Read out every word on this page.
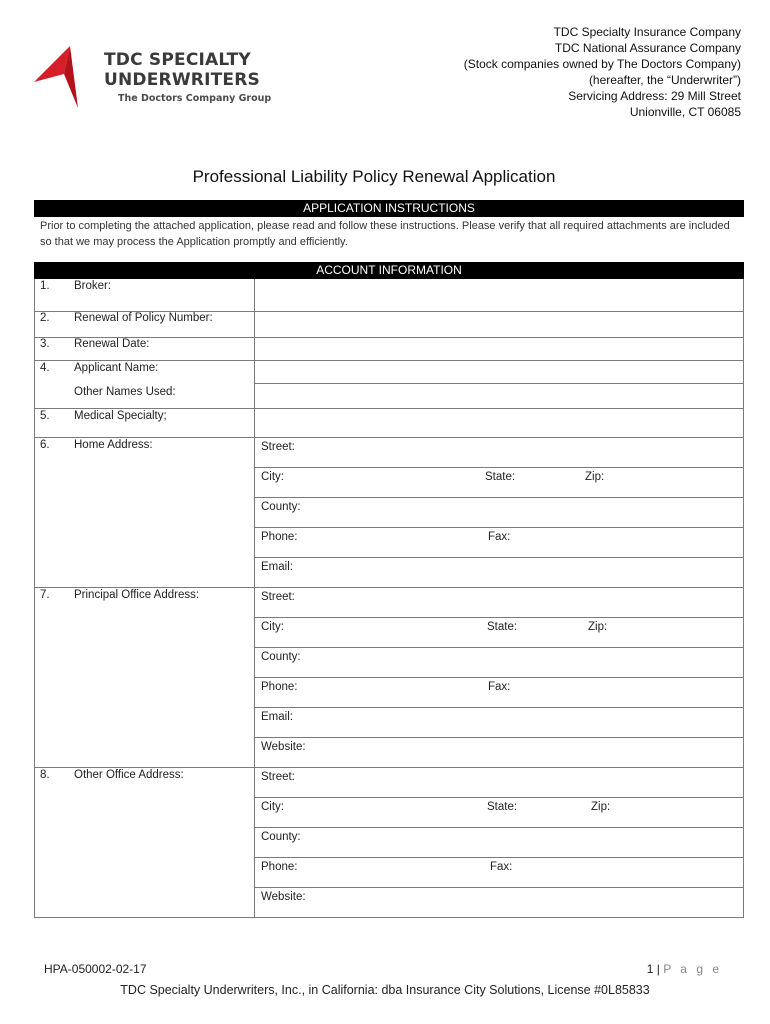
TDC SPECIALTY
UNDERWRITERS
The Doctors Company Group
TDC Specialty Insurance Company
TDC National Assurance Company
(Stock companies owned by The Doctors Company)
(hereafter, the “Underwriter”)
Servicing Address: 29 Mill Street
Unionville, CT 06085
Professional Liability Policy Renewal Application
APPLICATION INSTRUCTIONS
Prior to completing the attached application, please read and follow these instructions. Please verify that all required attachments are included so that we may process the Application promptly and efficiently.
ACCOUNT INFORMATION
1. Broker:
2. Renewal of Policy Number:
3. Renewal Date:
4. Applicant Name:
Other Names Used:
5. Medical Specialty;
6. Home Address:	Street:
City:	State:	Zip:
County:
Phone:	Fax:
Email:
7. Principal Office Address:	Street:
City:	State:	Zip:
County:
Phone:	Fax:
Email:
Website:
8. Other Office Address:	Street:
City:	State:	Zip:
County:
Phone:	Fax:
Website:
HPA-050002-02-17	1 | P a g e
TDC Specialty Underwriters, Inc., in California: dba Insurance City Solutions, License #0L85833
